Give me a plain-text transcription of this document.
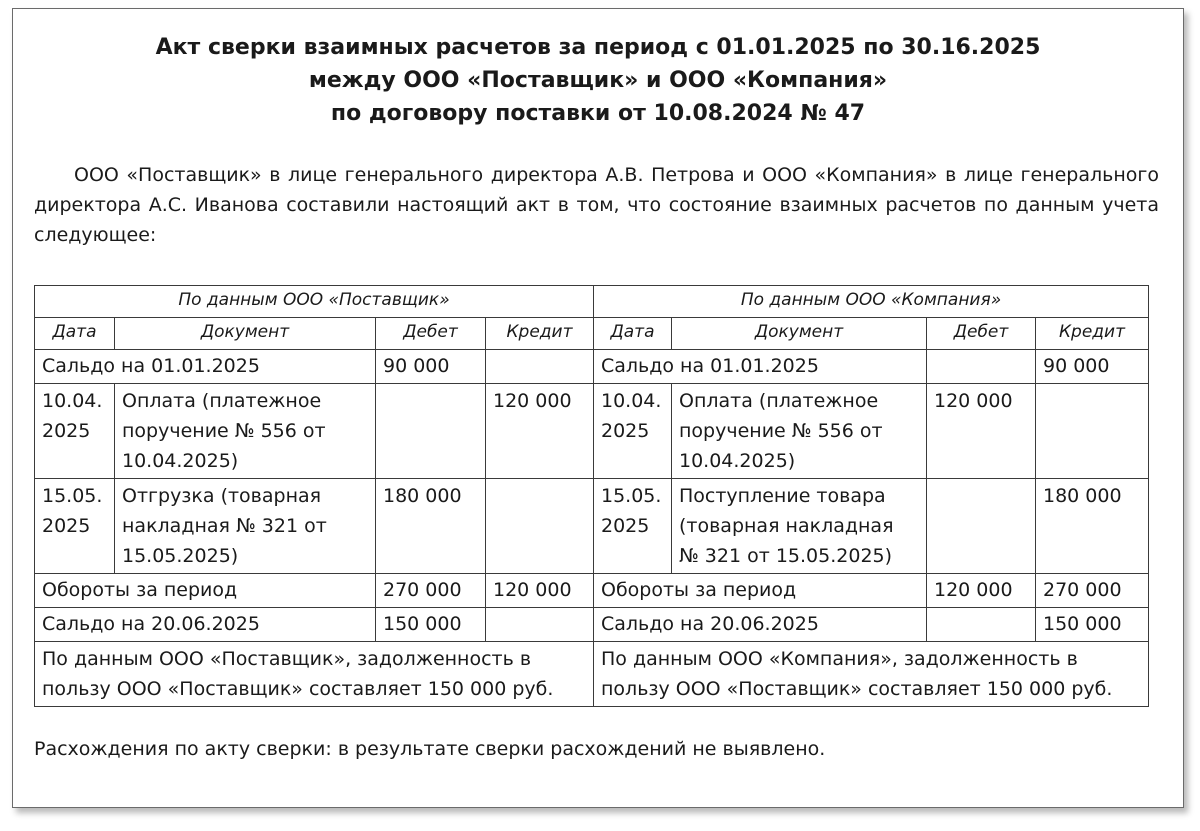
Акт сверки взаимных расчетов за период с 01.01.2025 по 30.16.2025
между ООО «Поставщик» и ООО «Компания»
по договору поставки от 10.08.2024 № 47

ООО «Поставщик» в лице генерального директора А.В. Петрова и ООО «Компания» в лице генерального директора А.С. Иванова составили настоящий акт в том, что состояние взаимных расчетов по данным учета следующее:

По данным ООО «Поставщик»				По данным ООО «Компания»			
Дата	Документ	Дебет	Кредит	Дата	Документ	Дебет	Кредит
Сальдо на 01.01.2025		90 000		Сальдо на 01.01.2025			90 000
10.04. 2025	Оплата (платежное поручение № 556 от 10.04.2025)		120 000	10.04. 2025	Оплата (платежное поручение № 556 от 10.04.2025)	120 000	
15.05. 2025	Отгрузка (товарная накладная № 321 от 15.05.2025)	180 000		15.05. 2025	Поступление товара (товарная накладная № 321 от 15.05.2025)		180 000
Обороты за период		270 000	120 000	Обороты за период		120 000	270 000
Сальдо на 20.06.2025		150 000		Сальдо на 20.06.2025			150 000
По данным ООО «Поставщик», задолженность в пользу ООО «Поставщик» составляет 150 000 руб.				По данным ООО «Компания», задолженность в пользу ООО «Поставщик» составляет 150 000 руб.			
Расхождения по акту сверки: в результате сверки расхождений не выявлено.
